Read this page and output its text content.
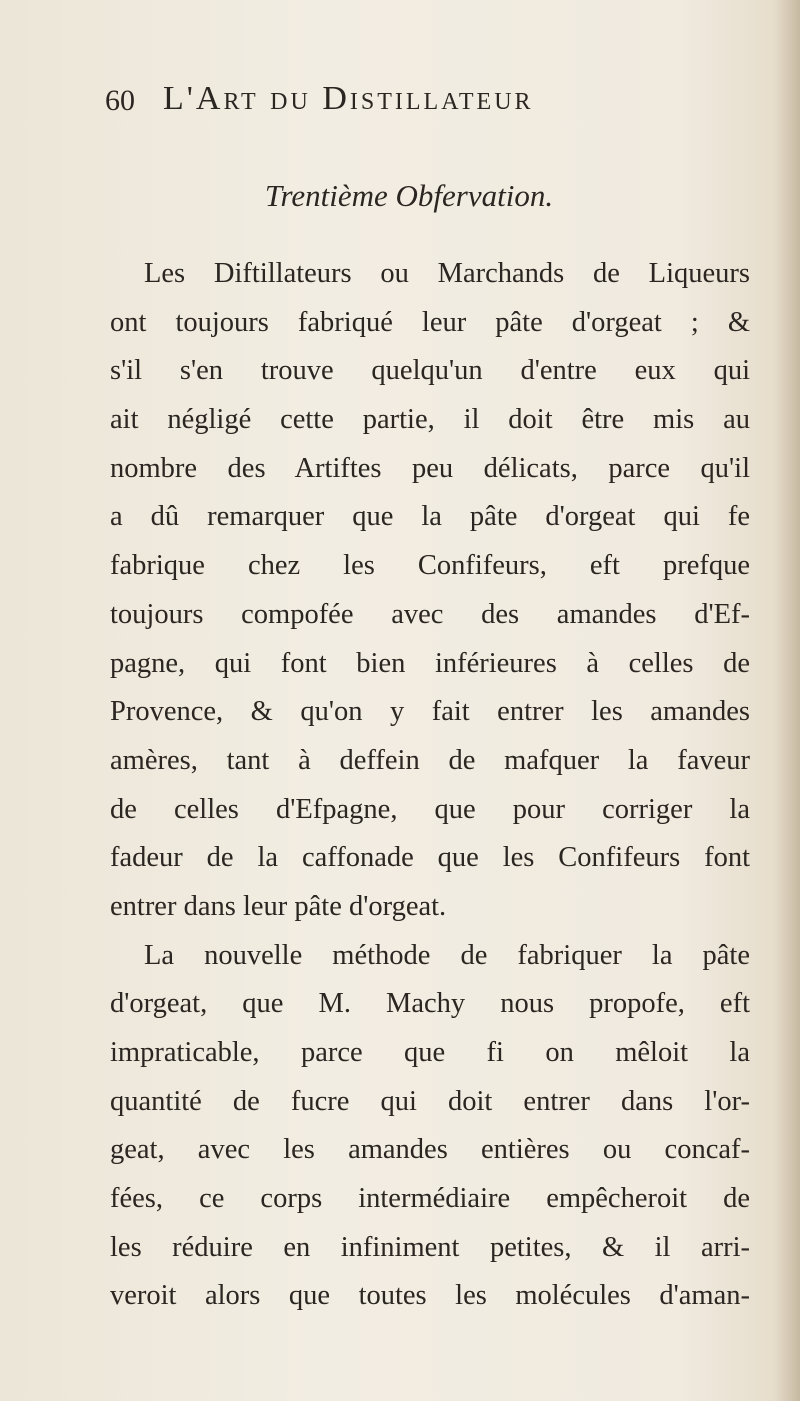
60 L'Art du Distillateur
Trentième Obfervation.
Les Diftillateurs ou Marchands de Liqueurs
ont toujours fabriqué leur pâte d'orgeat ; &
s'il s'en trouve quelqu'un d'entre eux qui
ait négligé cette partie, il doit être mis au
nombre des Artiftes peu délicats, parce qu'il
a dû remarquer que la pâte d'orgeat qui fe
fabrique chez les Confifeurs, eft prefque
toujours compofée avec des amandes d'Ef-
pagne, qui font bien inférieures à celles de
Provence, & qu'on y fait entrer les amandes
amères, tant à deffein de mafquer la faveur
de celles d'Efpagne, que pour corriger la
fadeur de la caffonade que les Confifeurs font
entrer dans leur pâte d'orgeat.
La nouvelle méthode de fabriquer la pâte
d'orgeat, que M. Machy nous propofe, eft
impraticable, parce que fi on mêloit la
quantité de fucre qui doit entrer dans l'or-
geat, avec les amandes entières ou concaf-
fées, ce corps intermédiaire empêcheroit de
les réduire en infiniment petites, & il arri-
veroit alors que toutes les molécules d'aman-
